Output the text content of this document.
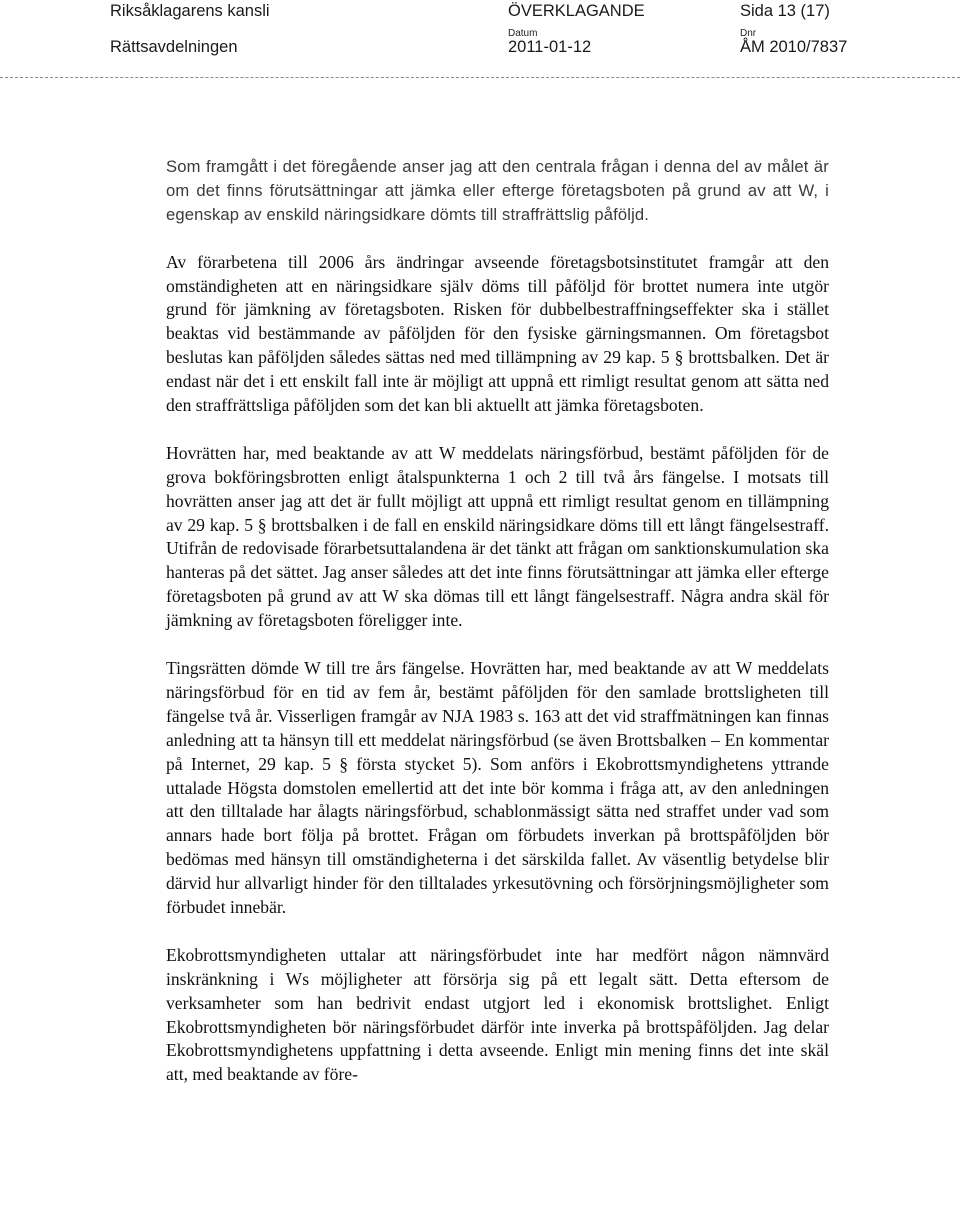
Riksåklagarens kansli
Rättsavdelningen
ÖVERKLAGANDE
Datum
2011-01-12
Sida 13 (17)
Dnr
ÅM 2010/7837

Som framgått i det föregående anser jag att den centrala frågan i denna del av målet är om det finns förutsättningar att jämka eller efterge företagsboten på grund av att W, i egenskap av enskild näringsidkare dömts till straffrättslig påföljd.

Av förarbetena till 2006 års ändringar avseende företagsbotsinstitutet framgår att den omständigheten att en näringsidkare själv döms till påföljd för brottet numera inte utgör grund för jämkning av företagsboten. Risken för dubbelbestraffningseffekter ska i stället beaktas vid bestämmande av påföljden för den fysiske gärningsmannen. Om företagsbot beslutas kan påföljden således sättas ned med tillämpning av 29 kap. 5 § brottsbalken. Det är endast när det i ett enskilt fall inte är möjligt att uppnå ett rimligt resultat genom att sätta ned den straffrättsliga påföljden som det kan bli aktuellt att jämka företagsboten.

Hovrätten har, med beaktande av att W meddelats näringsförbud, bestämt påföljden för de grova bokföringsbrotten enligt åtalspunkterna 1 och 2 till två års fängelse. I motsats till hovrätten anser jag att det är fullt möjligt att uppnå ett rimligt resultat genom en tillämpning av 29 kap. 5 § brottsbalken i de fall en enskild näringsidkare döms till ett långt fängelsestraff. Utifrån de redovisade förarbetsuttalandena är det tänkt att frågan om sanktionskumulation ska hanteras på det sättet. Jag anser således att det inte finns förutsättningar att jämka eller efterge företagsboten på grund av att W ska dömas till ett långt fängelsestraff. Några andra skäl för jämkning av företagsboten föreligger inte.

Tingsrätten dömde W till tre års fängelse. Hovrätten har, med beaktande av att W meddelats näringsförbud för en tid av fem år, bestämt påföljden för den samlade brottsligheten till fängelse två år. Visserligen framgår av NJA 1983 s. 163 att det vid straffmätningen kan finnas anledning att ta hänsyn till ett meddelat näringsförbud (se även Brottsbalken – En kommentar på Internet, 29 kap. 5 § första stycket 5). Som anförs i Ekobrottsmyndighetens yttrande uttalade Högsta domstolen emellertid att det inte bör komma i fråga att, av den anledningen att den tilltalade har ålagts näringsförbud, schablonmässigt sätta ned straffet under vad som annars hade bort följa på brottet. Frågan om förbudets inverkan på brottspåföljden bör bedömas med hänsyn till omständigheterna i det särskilda fallet. Av väsentlig betydelse blir därvid hur allvarligt hinder för den tilltalades yrkesutövning och försörjningsmöjligheter som förbudet innebär.

Ekobrottsmyndigheten uttalar att näringsförbudet inte har medfört någon nämnvärd inskränkning i Ws möjligheter att försörja sig på ett legalt sätt. Detta eftersom de verksamheter som han bedrivit endast utgjort led i ekonomisk brottslighet. Enligt Ekobrottsmyndigheten bör näringsförbudet därför inte inverka på brottspåföljden. Jag delar Ekobrottsmyndighetens uppfattning i detta avseende. Enligt min mening finns det inte skäl att, med beaktande av före-
